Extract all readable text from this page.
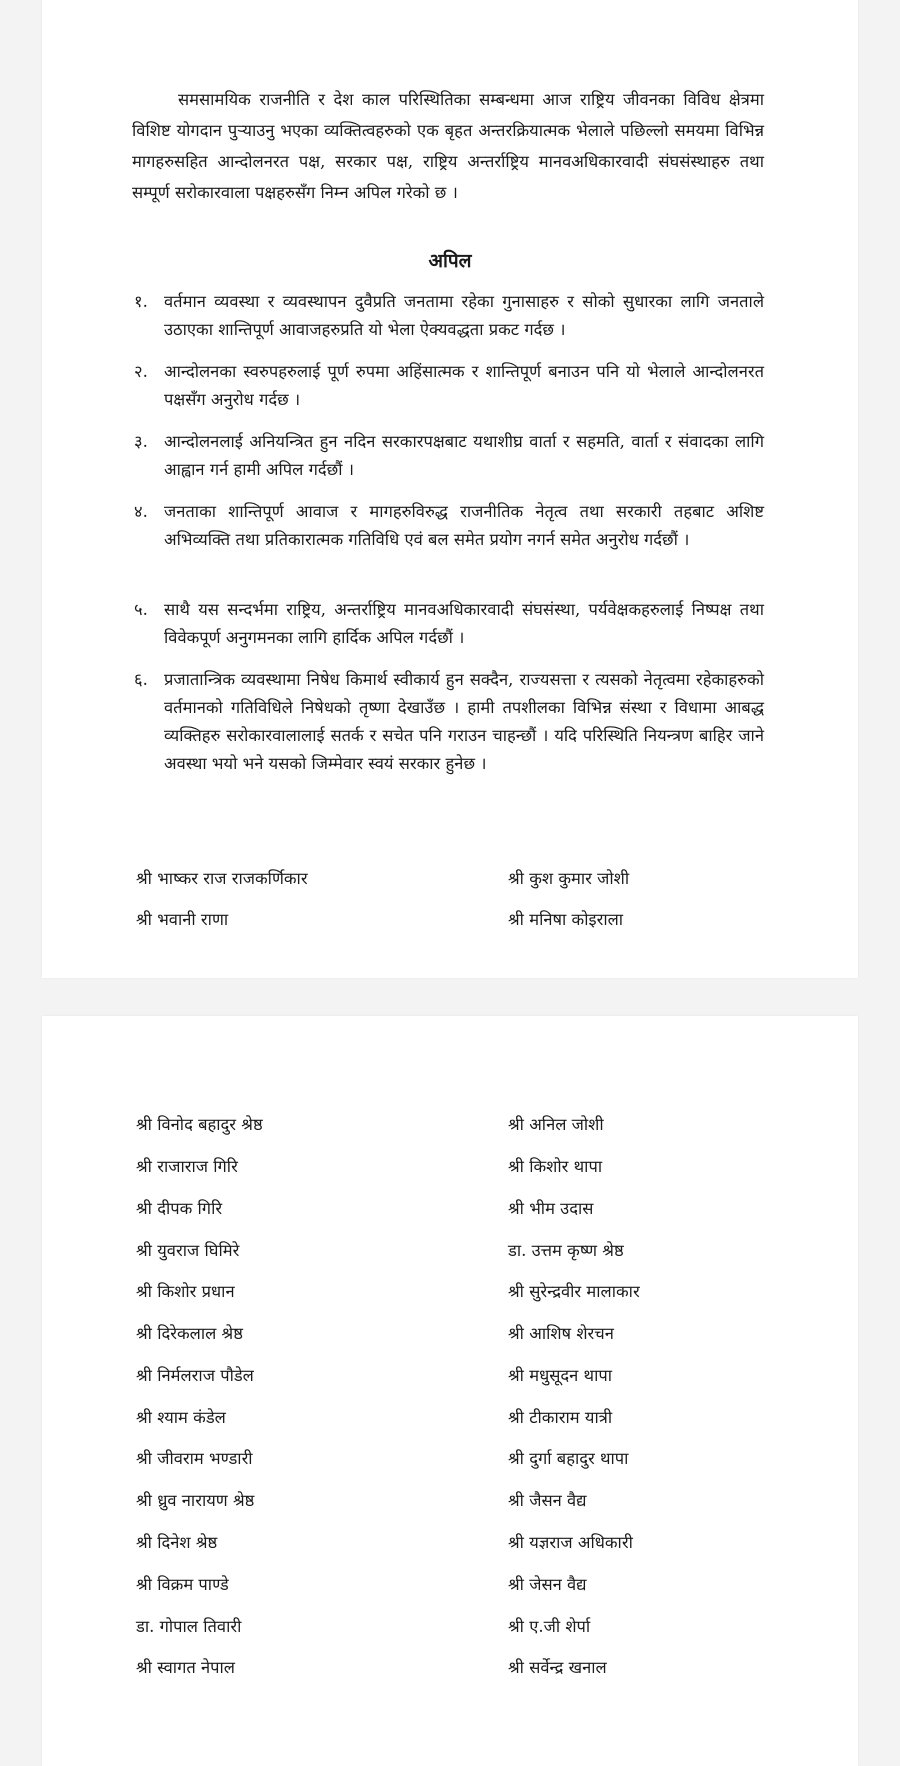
समसामयिक राजनीति र देश काल परिस्थितिका सम्बन्धमा आज राष्ट्रिय जीवनका विविध क्षेत्रमा विशिष्ट योगदान पुऱ्याउनु भएका व्यक्तित्वहरुको एक बृहत अन्तरक्रियात्मक भेलाले पछिल्लो समयमा विभिन्न मागहरुसहित आन्दोलनरत पक्ष, सरकार पक्ष, राष्ट्रिय अन्तर्राष्ट्रिय मानवअधिकारवादी संघसंस्थाहरु तथा सम्पूर्ण सरोकारवाला पक्षहरुसँग निम्न अपिल गरेको छ ।

अपिल
१. वर्तमान व्यवस्था र व्यवस्थापन दुवैप्रति जनतामा रहेका गुनासाहरु र सोको सुधारका लागि जनताले उठाएका शान्तिपूर्ण आवाजहरुप्रति यो भेला ऐक्यवद्धता प्रकट गर्दछ ।
२. आन्दोलनका स्वरुपहरुलाई पूर्ण रुपमा अहिंसात्मक र शान्तिपूर्ण बनाउन पनि यो भेलाले आन्दोलनरत पक्षसँग अनुरोध गर्दछ ।
३. आन्दोलनलाई अनियन्त्रित हुन नदिन सरकारपक्षबाट यथाशीघ्र वार्ता र सहमति, वार्ता र संवादका लागि आह्वान गर्न हामी अपिल गर्दछौं ।
४. जनताका शान्तिपूर्ण आवाज र मागहरुविरुद्ध राजनीतिक नेतृत्व तथा सरकारी तहबाट अशिष्ट अभिव्यक्ति तथा प्रतिकारात्मक गतिविधि एवं बल समेत प्रयोग नगर्न समेत अनुरोध गर्दछौं ।
५. साथै यस सन्दर्भमा राष्ट्रिय, अन्तर्राष्ट्रिय मानवअधिकारवादी संघसंस्था, पर्यवेक्षकहरुलाई निष्पक्ष तथा विवेकपूर्ण अनुगमनका लागि हार्दिक अपिल गर्दछौं ।
६. प्रजातान्त्रिक व्यवस्थामा निषेध किमार्थ स्वीकार्य हुन सक्दैन, राज्यसत्ता र त्यसको नेतृत्वमा रहेकाहरुको वर्तमानको गतिविधिले निषेधको तृष्णा देखाउँछ । हामी तपशीलका विभिन्न संस्था र विधामा आबद्ध व्यक्तिहरु सरोकारवालालाई सतर्क र सचेत पनि गराउन चाहन्छौं । यदि परिस्थिति नियन्त्रण बाहिर जाने अवस्था भयो भने यसको जिम्मेवार स्वयं सरकार हुनेछ ।
श्री भाष्कर राज राजकर्णिकार	श्री कुश कुमार जोशी
श्री भवानी राणा	श्री मनिषा कोइराला
श्री विनोद बहादुर श्रेष्ठ	श्री अनिल जोशी
श्री राजाराज गिरि	श्री किशोर थापा
श्री दीपक गिरि	श्री भीम उदास
श्री युवराज घिमिरे	डा. उत्तम कृष्ण श्रेष्ठ
श्री किशोर प्रधान	श्री सुरेन्द्रवीर मालाकार
श्री दिरेकलाल श्रेष्ठ	श्री आशिष शेरचन
श्री निर्मलराज पौडेल	श्री मधुसूदन थापा
श्री श्याम कंडेल	श्री टीकाराम यात्री
श्री जीवराम भण्डारी	श्री दुर्गा बहादुर थापा
श्री ध्रुव नारायण श्रेष्ठ	श्री जैसन वैद्य
श्री दिनेश श्रेष्ठ	श्री यज्ञराज अधिकारी
श्री विक्रम पाण्डे	श्री जेसन वैद्य
डा. गोपाल तिवारी	श्री ए.जी शेर्पा
श्री स्वागत नेपाल	श्री सर्वेन्द्र खनाल
